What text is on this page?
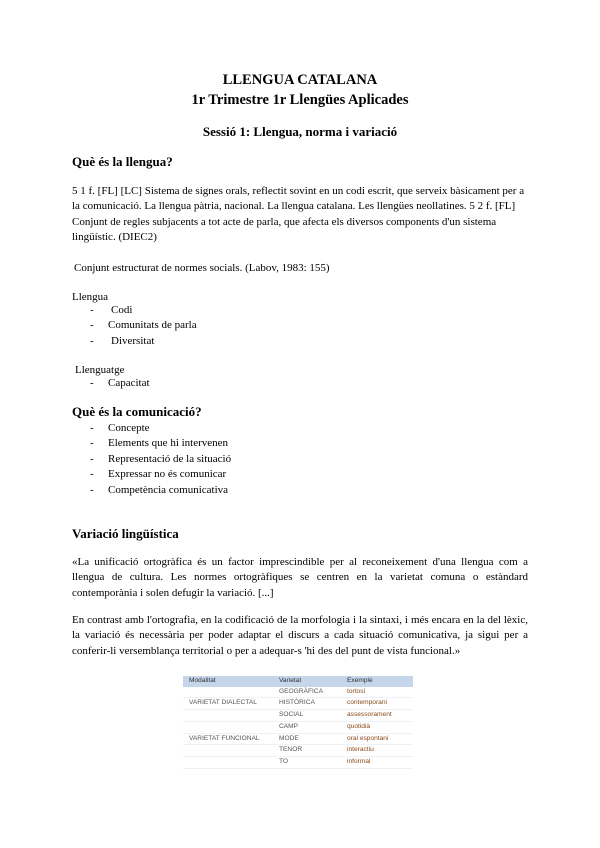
LLENGUA CATALANA
1r Trimestre 1r Llengües Aplicades
Sessió 1: Llengua, norma i variació
Què és la llengua?
5 1 f. [FL] [LC] Sistema de signes orals, reflectit sovint en un codi escrit, que serveix bàsicament per a la comunicació. La llengua pàtria, nacional. La llengua catalana. Les llengües neollatines. 5 2 f. [FL] Conjunt de regles subjacents a tot acte de parla, que afecta els diversos components d'un sistema lingüístic. (DIEC2)
Conjunt estructurat de normes socials. (Labov, 1983: 155)
Llengua
- Codi
- Comunitats de parla
- Diversitat
Llenguatge
- Capacitat
Què és la comunicació?
- Concepte
- Elements que hi intervenen
- Representació de la situació
- Expressar no és comunicar
- Competència comunicativa
Variació lingüística
«La unificació ortogràfica és un factor imprescindible per al reconeixement d'una llengua com a llengua de cultura. Les normes ortogràfiques se centren en la varietat comuna o estàndard contemporània i solen defugir la variació. [...]
En contrast amb l'ortografia, en la codificació de la morfologia i la sintaxi, i més encara en la del lèxic, la variació és necessària per poder adaptar el discurs a cada situació comunicativa, ja sigui per a conferir-li versemblança territorial o per a adequar-s 'hi des del punt de vista funcional.»
Modalitat	Varietat	Exemple
	GEOGRÀFICA	tortosí
VARIETAT DIALECTAL	HISTÒRICA	contemporani
	SOCIAL	assessorament
	CAMP	quotidià
VARIETAT FUNCIONAL	MODE	oral espontani
	TENOR	interactiu
	TO	informal
